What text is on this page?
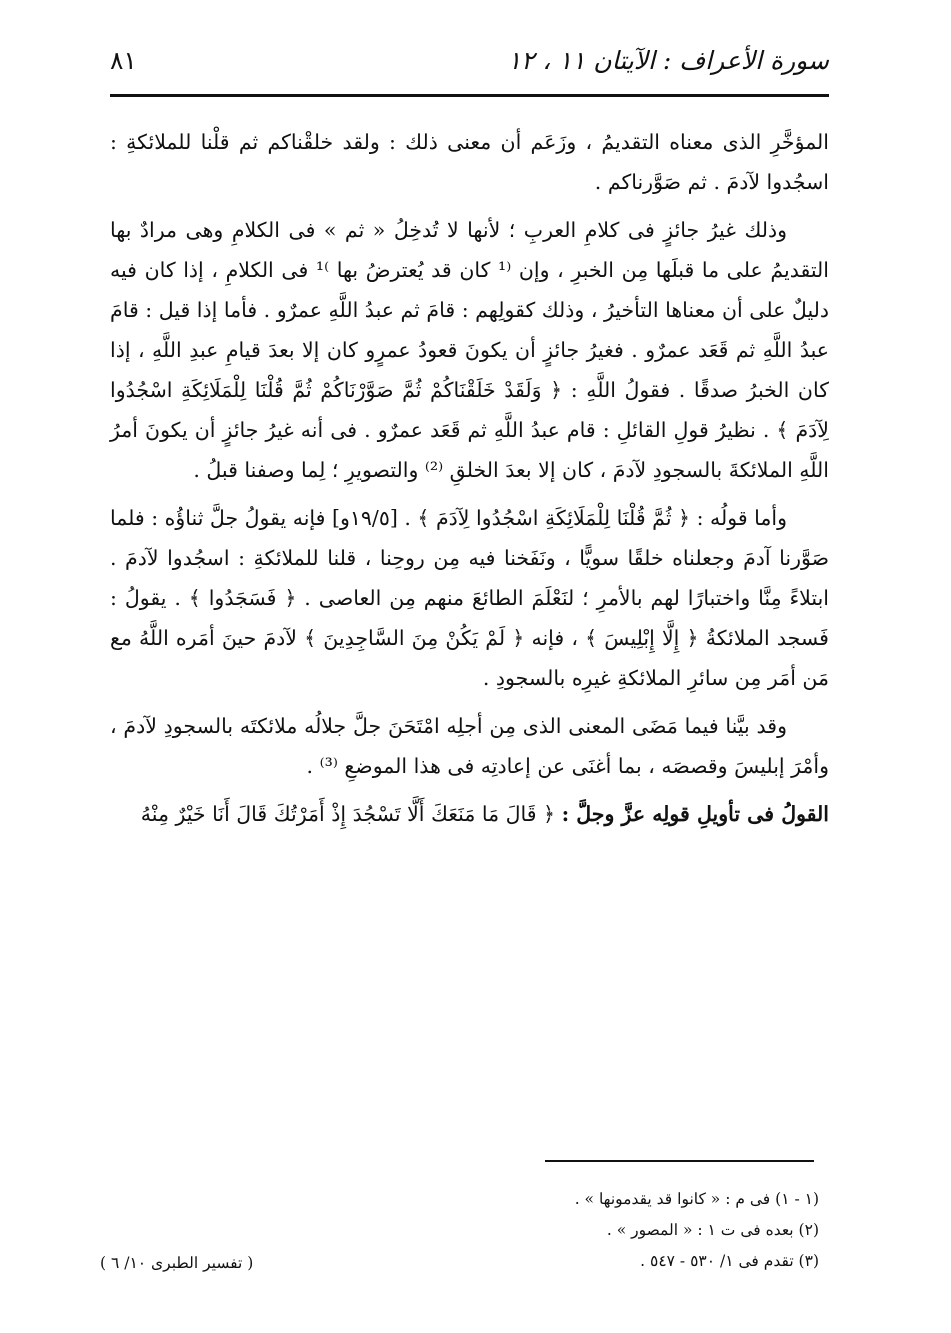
سورة الأعراف : الآيتان ١١ ، ١٢
٨١

المؤخَّرِ الذى معناه التقديمُ ، وزَعَم أن معنى ذلك : ولقد خلقْناكم ثم قلْنا للملائكةِ : اسجُدوا لآدمَ . ثم صَوَّرناكم .

وذلك غيرُ جائزٍ فى كلامِ العربِ ؛ لأنها لا تُدخِلُ « ثم » فى الكلامِ وهى مرادٌ بها التقديمُ على ما قبلَها مِن الخبرِ ، وإن ⁽¹ كان قد يُعترضُ بها ⁾¹ فى الكلامِ ، إذا كان فيه دليلٌ على أن معناها التأخيرُ ، وذلك كقولِهم : قامَ ثم عبدُ اللَّهِ عمرٌو . فأما إذا قيل : قامَ عبدُ اللَّهِ ثم قَعَد عمرٌو . فغيرُ جائزٍ أن يكونَ قعودُ عمرٍو كان إلا بعدَ قيامِ عبدِ اللَّهِ ، إذا كان الخبرُ صدقًا . فقولُ اللَّهِ : ﴿ وَلَقَدْ خَلَقْنَاكُمْ ثُمَّ صَوَّرْنَاكُمْ ثُمَّ قُلْنَا لِلْمَلَائِكَةِ اسْجُدُوا لِآدَمَ ﴾ . نظيرُ قولِ القائلِ : قام عبدُ اللَّهِ ثم قَعَد عمرٌو . فى أنه غيرُ جائزٍ أن يكونَ أمرُ اللَّهِ الملائكةَ بالسجودِ لآدمَ ، كان إلا بعدَ الخلقِ ⁽²⁾ والتصويرِ ؛ لِما وصفنا قبلُ .

وأما قولُه : ﴿ ثُمَّ قُلْنَا لِلْمَلَائِكَةِ اسْجُدُوا لِآدَمَ ﴾ . [١٩/٥و] فإنه يقولُ جلَّ ثناؤُه : فلما صَوَّرنا آدمَ وجعلناه خلقًا سويًّا ، ونَفَخنا فيه مِن روحِنا ، قلنا للملائكةِ : اسجُدوا لآدمَ . ابتلاءً مِنَّا واختبارًا لهم بالأمرِ ؛ لنَعْلَمَ الطائعَ منهم مِن العاصى . ﴿ فَسَجَدُوا ﴾ . يقولُ : فَسجد الملائكةُ ﴿ إِلَّا إِبْلِيسَ ﴾ ، فإنه ﴿ لَمْ يَكُنْ مِنَ السَّاجِدِينَ ﴾ لآدمَ حينَ أمَره اللَّهُ مع مَن أمَر مِن سائرِ الملائكةِ غيرِه بالسجودِ .

وقد بيَّنا فيما مَضَى المعنى الذى مِن أجلِه امْتَحَنَ جلَّ جلالُه ملائكتَه بالسجودِ لآدمَ ، وأمْرَ إبليسَ وقصصَه ، بما أغنَى عن إعادتِه فى هذا الموضعِ ⁽³⁾ .

القولُ فى تأويلِ قولِه عزَّ وجلَّ : ﴿ قَالَ مَا مَنَعَكَ أَلَّا تَسْجُدَ إِذْ أَمَرْتُكَ قَالَ أَنَا خَيْرٌ مِنْهُ

(١ - ١) فى م : « كانوا قد يقدمونها » .

(٢) بعده فى ت ١ : « المصور » .

(٣) تقدم فى ١/ ٥٣٠ - ٥٤٧ .

( تفسير الطبرى ١٠/ ٦ )
